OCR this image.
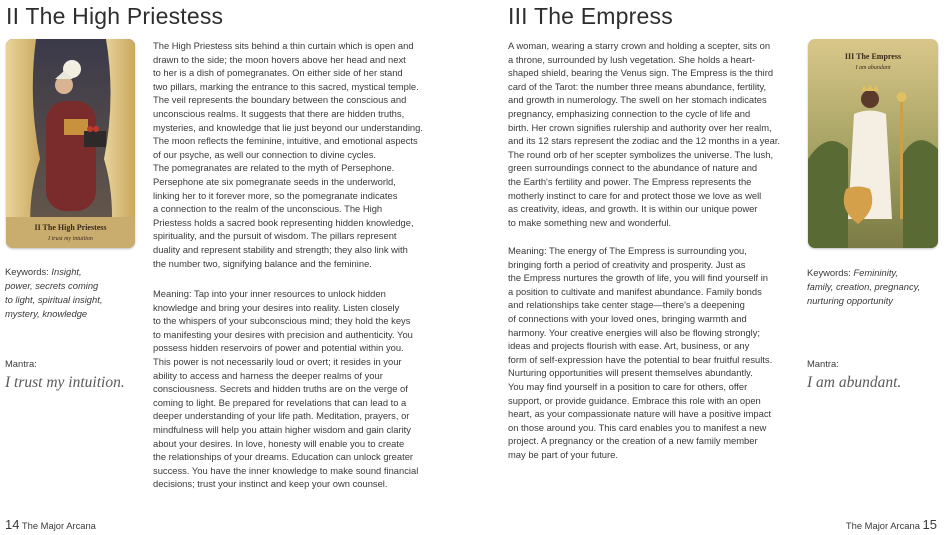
II The High Priestess
II The High Priestess
I trust my intuition
Keywords: Insight,
power, secrets coming
to light, spiritual insight,
mystery, knowledge
Mantra:
I trust my intuition.
The High Priestess sits behind a thin curtain which is open and
drawn to the side; the moon hovers above her head and next
to her is a dish of pomegranates. On either side of her stand
two pillars, marking the entrance to this sacred, mystical temple.
The veil represents the boundary between the conscious and
unconscious realms. It suggests that there are hidden truths,
mysteries, and knowledge that lie just beyond our understanding.
The moon reflects the feminine, intuitive, and emotional aspects
of our psyche, as well our connection to divine cycles.
The pomegranates are related to the myth of Persephone.
Persephone ate six pomegranate seeds in the underworld,
linking her to it forever more, so the pomegranate indicates
a connection to the realm of the unconscious. The High
Priestess holds a sacred book representing hidden knowledge,
spirituality, and the pursuit of wisdom. The pillars represent
duality and represent stability and strength; they also link with
the number two, signifying balance and the feminine.
Meaning: Tap into your inner resources to unlock hidden
knowledge and bring your desires into reality. Listen closely
to the whispers of your subconscious mind; they hold the keys
to manifesting your desires with precision and authenticity. You
possess hidden reservoirs of power and potential within you.
This power is not necessarily loud or overt; it resides in your
ability to access and harness the deeper realms of your
consciousness. Secrets and hidden truths are on the verge of
coming to light. Be prepared for revelations that can lead to a
deeper understanding of your life path. Meditation, prayers, or
mindfulness will help you attain higher wisdom and gain clarity
about your desires. In love, honesty will enable you to create
the relationships of your dreams. Education can unlock greater
success. You have the inner knowledge to make sound financial
decisions; trust your instinct and keep your own counsel.
14 The Major Arcana
III The Empress
III The Empress
I am abundant
Keywords: Femininity,
family, creation, pregnancy,
nurturing opportunity
Mantra:
I am abundant.
A woman, wearing a starry crown and holding a scepter, sits on
a throne, surrounded by lush vegetation. She holds a heart-
shaped shield, bearing the Venus sign. The Empress is the third
card of the Tarot: the number three means abundance, fertility,
and growth in numerology. The swell on her stomach indicates
pregnancy, emphasizing connection to the cycle of life and
birth. Her crown signifies rulership and authority over her realm,
and its 12 stars represent the zodiac and the 12 months in a year.
The round orb of her scepter symbolizes the universe. The lush,
green surroundings connect to the abundance of nature and
the Earth's fertility and power. The Empress represents the
motherly instinct to care for and protect those we love as well
as creativity, ideas, and growth. It is within our unique power
to make something new and wonderful.
Meaning: The energy of The Empress is surrounding you,
bringing forth a period of creativity and prosperity. Just as
the Empress nurtures the growth of life, you will find yourself in
a position to cultivate and manifest abundance. Family bonds
and relationships take center stage—there's a deepening
of connections with your loved ones, bringing warmth and
harmony. Your creative energies will also be flowing strongly;
ideas and projects flourish with ease. Art, business, or any
form of self-expression have the potential to bear fruitful results.
Nurturing opportunities will present themselves abundantly.
You may find yourself in a position to care for others, offer
support, or provide guidance. Embrace this role with an open
heart, as your compassionate nature will have a positive impact
on those around you. This card enables you to manifest a new
project. A pregnancy or the creation of a new family member
may be part of your future.
The Major Arcana 15
